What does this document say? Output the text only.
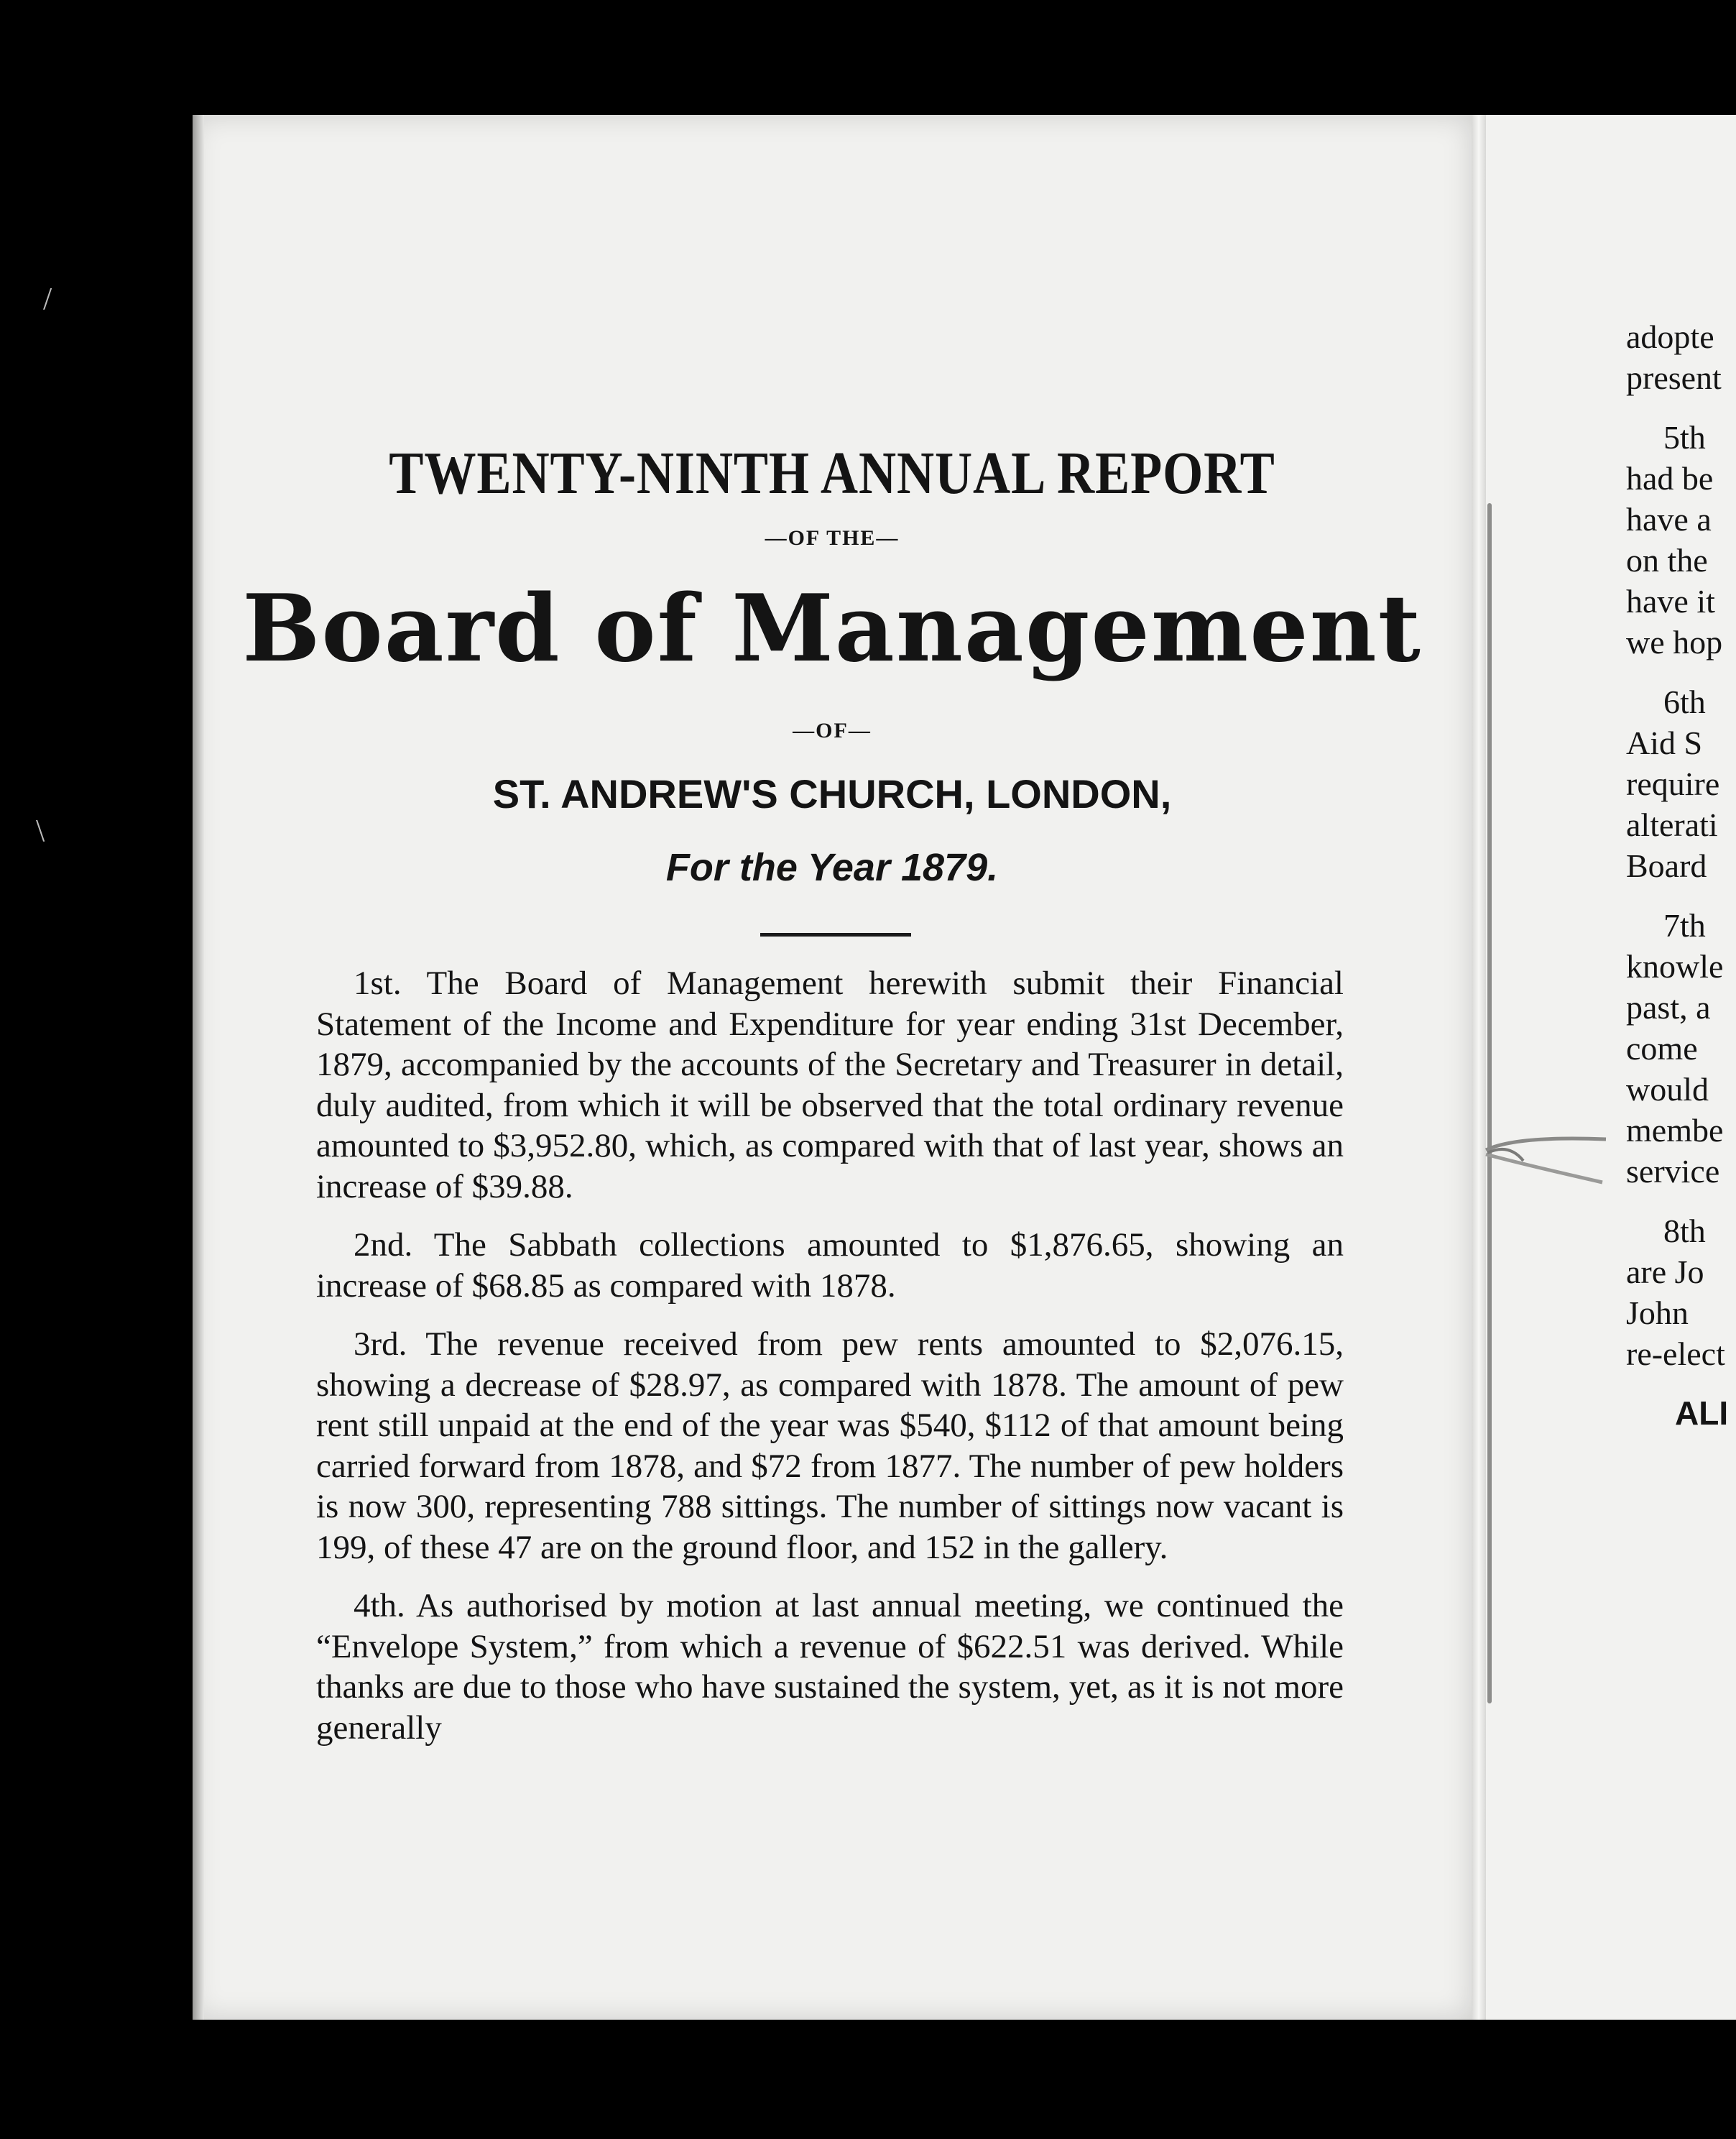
/
\
TWENTY-NINTH ANNUAL REPORT
—OF THE—
Board of Management
—OF—
ST. ANDREW'S CHURCH, LONDON,
For the Year 1879.

1st. The Board of Management herewith submit their Financial Statement of the Income and Expenditure for year ending 31st December, 1879, accompanied by the accounts of the Secretary and Treasurer in detail, duly audited, from which it will be observed that the total ordinary revenue amounted to $3,952.80, which, as compared with that of last year, shows an increase of $39.88.

2nd. The Sabbath collections amounted to $1,876.65, showing an increase of $68.85 as compared with 1878.

3rd. The revenue received from pew rents amounted to $2,076.15, showing a decrease of $28.97, as compared with 1878. The amount of pew rent still unpaid at the end of the year was $540, $112 of that amount being carried forward from 1878, and $72 from 1877. The number of pew holders is now 300, representing 788 sittings. The number of sittings now vacant is 199, of these 47 are on the ground floor, and 152 in the gallery.

4th. As authorised by motion at last annual meeting, we continued the “Envelope System,” from which a revenue of $622.51 was derived. While thanks are due to those who have sustained the system, yet, as it is not more generally

adopte
present
5th
had be
have a
on the
have it
we hop
6th
Aid S
require
alterati
Board
7th
knowle
past, a
come
would
membe
service
8th
are Jo
John
re-elect
ALI
